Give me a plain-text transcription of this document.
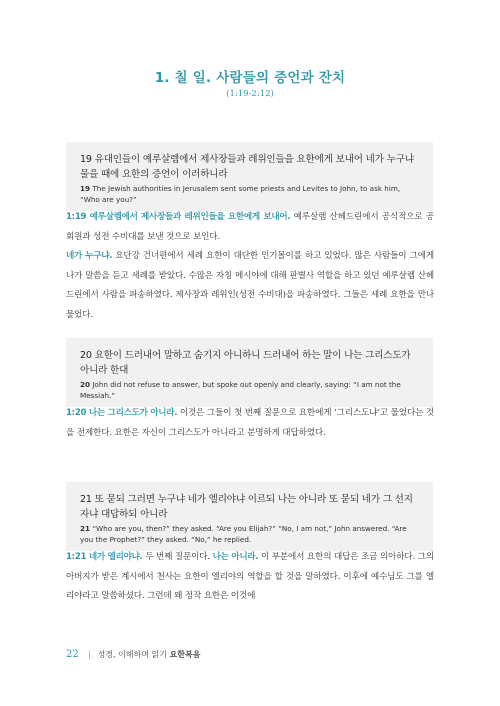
1. 칠 일. 사람들의 증언과 잔치
(1:19-2:12)

19 유대인들이 예루살렘에서 제사장들과 레위인들을 요한에게 보내어 네가 누구냐 물을 때에 요한의 증언이 이러하니라

19 The Jewish authorities in Jerusalem sent some priests and Levites to John, to ask him, “Who are you?”

1:19 예루살렘에서 제사장들과 레위인들을 요한에게 보내어. 예루살렘 산헤드린에서 공식적으로 공회원과 성전 수비대를 보낸 것으로 보인다.
네가 누구냐. 요단강 건너편에서 세례 요한이 대단한 인기몰이를 하고 있었다. 많은 사람들이 그에게 나가 말씀을 듣고 세례를 받았다. 수많은 자칭 메시야에 대해 판별사 역할을 하고 있던 예루살렘 산헤드린에서 사람을 파송하였다. 제사장과 레위인(성전 수비대)을 파송하였다. 그들은 세례 요한을 만나 물었다.

20 요한이 드러내어 말하고 숨기지 아니하니 드러내어 하는 말이 나는 그리스도가 아니라 한대

20 John did not refuse to answer, but spoke out openly and clearly, saying: “I am not the Messiah.”

1:20 나는 그리스도가 아니라. 이것은 그들이 첫 번째 질문으로 요한에게 ‘그리스도냐’고 물었다는 것을 전제한다. 요한은 자신이 그리스도가 아니라고 분명하게 대답하였다.

21 또 묻되 그러면 누구냐 네가 엘리야냐 이르되 나는 아니라 또 묻되 네가 그 선지자냐 대답하되 아니라

21 “Who are you, then?” they asked. “Are you Elijah?” “No, I am not,” John answered. “Are you the Prophet?” they asked. “No,” he replied.

1:21 네가 엘리야냐. 두 번째 질문이다. 나는 아니라. 이 부분에서 요한의 대답은 조금 의아하다. 그의 아버지가 받은 계시에서 천사는 요한이 엘리야의 역할을 할 것을 말하였다. 이후에 예수님도 그를 엘리야라고 말씀하셨다. 그런데 왜 정작 요한은 이것에

22 | 성경, 이해하며 읽기 요한복음
